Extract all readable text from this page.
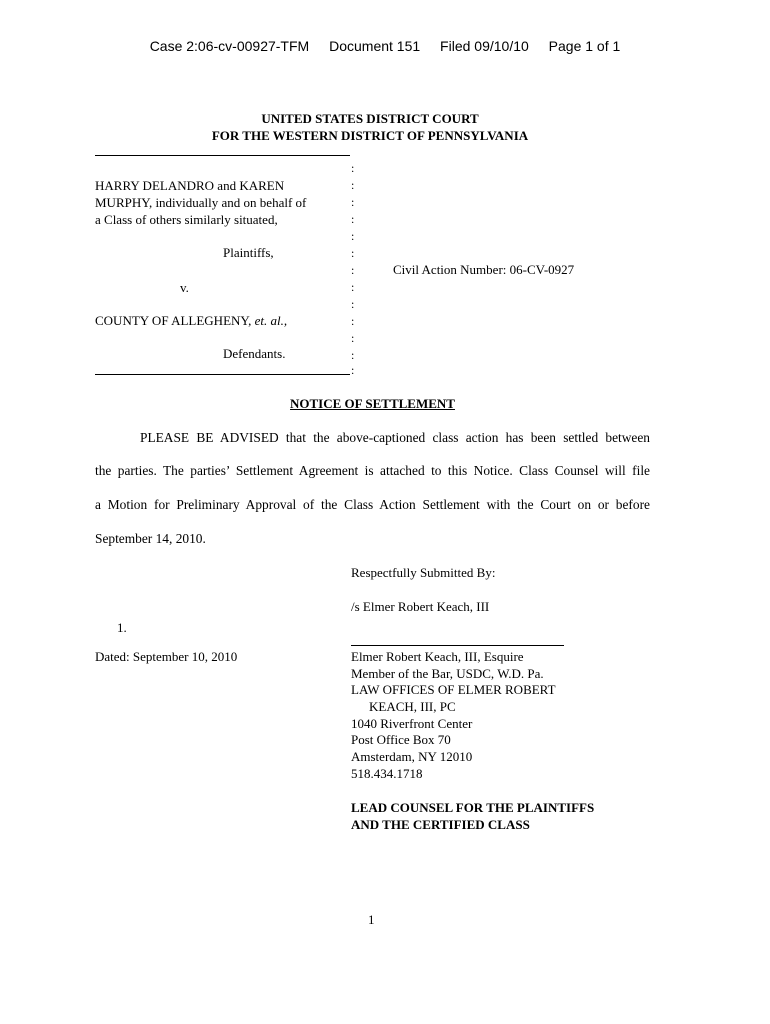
Case 2:06-cv-00927-TFM Document 151 Filed 09/10/10 Page 1 of 1
UNITED STATES DISTRICT COURT
FOR THE WESTERN DISTRICT OF PENNSYLVANIA
HARRY DELANDRO and KAREN
MURPHY, individually and on behalf of
a Class of others similarly situated,
Plaintiffs,
v.
COUNTY OF ALLEGHENY, et. al.,
Defendants.
:
:
:
:
:
:
:
:
:
:
:
:
:
Civil Action Number: 06-CV-0927
NOTICE OF SETTLEMENT
PLEASE BE ADVISED that the above-captioned class action has been settled between
the parties. The parties’ Settlement Agreement is attached to this Notice. Class Counsel will file
a Motion for Preliminary Approval of the Class Action Settlement with the Court on or before
September 14, 2010.
Respectfully Submitted By:
/s Elmer Robert Keach, III
1.
Dated: September 10, 2010	Elmer Robert Keach, III, Esquire
Member of the Bar, USDC, W.D. Pa.
LAW OFFICES OF ELMER ROBERT
KEACH, III, PC
1040 Riverfront Center
Post Office Box 70
Amsterdam, NY 12010
518.434.1718
LEAD COUNSEL FOR THE PLAINTIFFS
AND THE CERTIFIED CLASS
1
